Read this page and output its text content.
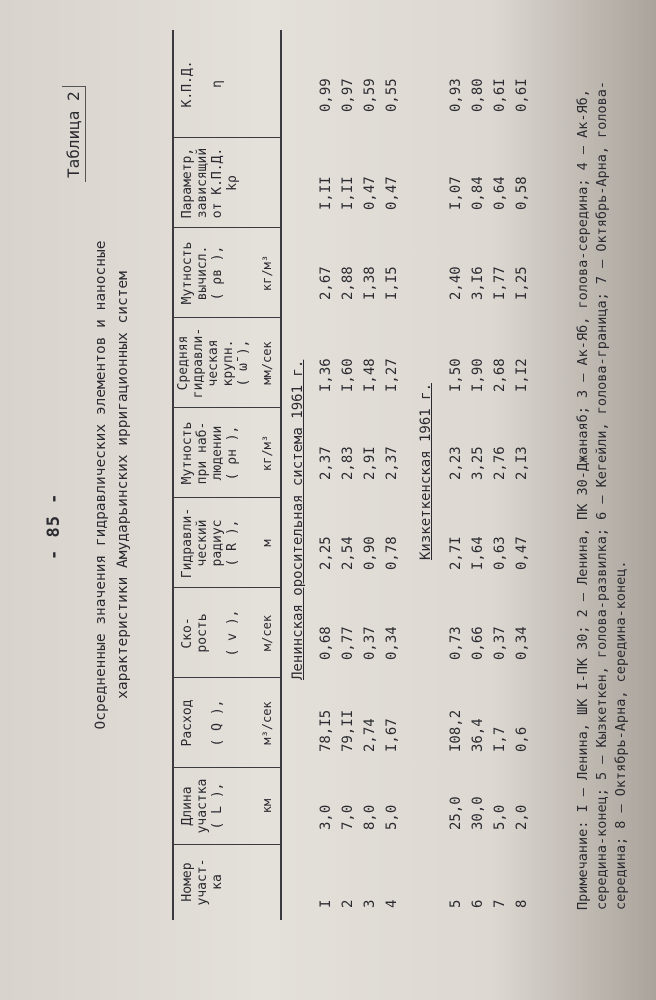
- 85 -
Таблица 2
Осредненные значения гидравлических элементов и наносные характеристики Амударьинских ирригационных систем
Номер
участ-
ка
Длина
участка
( L ),
Расход

( Q ),
Ско-
рость

( v ),
Гидравли-
ческий
радиус
( R ),
Мутность
при наб-
людении
( ρн ),
Средняя
гидравли-
ческая
крупн.
( ω̄ ),
Мутность
вычисл.
( ρв ),
Параметр,
зависящий
от К.П.Д.
kρ
К.П.Д.

η
км
м³/сек
м/сек
м
кг/м³
мм/сек
кг/м³
Ленинская оросительная система 1961 г.
I
3,0
78,I5
0,68
2,25
2,37
I,36
2,67
I,II
0,99
2
7,0
79,II
0,77
2,54
2,83
I,60
2,88
I,II
0,97
3
8,0
2,74
0,37
0,90
2,9I
I,48
I,38
0,47
0,59
4
5,0
I,67
0,34
0,78
2,37
I,27
I,I5
0,47
0,55
Кизкеткенская 1961 г.
5
25,0
I08,2
0,73
2,7I
2,23
I,50
2,40
I,07
0,93
6
30,0
36,4
0,66
I,64
3,25
I,90
3,I6
0,84
0,80
7
5,0
I,7
0,37
0,63
2,76
2,68
I,77
0,64
0,6I
8
2,0
0,6
0,34
0,47
2,I3
I,I2
I,25
0,58
0,6I	Примечание: I – Ленина, ШК I-ПК 30; 2 – Ленина, ПК 30-Джанаяб; 3 – Ак-Яб, голова-середина; 4 – Ак-Яб, середина-конец; 5 – Кызкеткен, голова-развилка; 6 – Кегейли, голова-граница; 7 – Октябрь-Арна, голова-середина; 8 – Октябрь-Арна, середина-конец.
